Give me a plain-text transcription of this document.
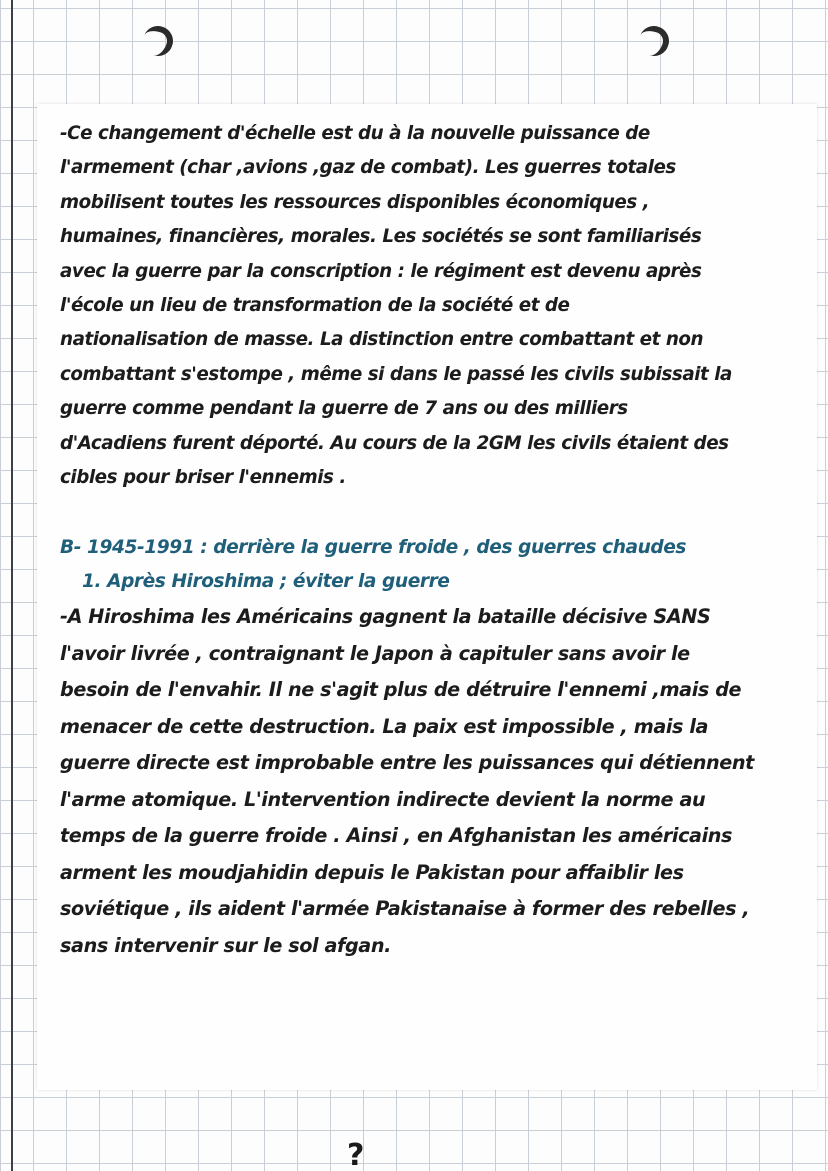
-Ce changement d'échelle est du à la nouvelle puissance de
l'armement (char ,avions ,gaz de combat). Les guerres totales
mobilisent toutes les ressources disponibles économiques ,
humaines, financières, morales. Les sociétés se sont familiarisés
avec la guerre par la conscription : le régiment est devenu après
l'école un lieu de transformation de la société et de
nationalisation de masse. La distinction entre combattant et non
combattant s'estompe , même si dans le passé les civils subissait la
guerre comme pendant la guerre de 7 ans ou des milliers
d'Acadiens furent déporté. Au cours de la 2GM les civils étaient des
cibles pour briser l'ennemis .
B- 1945-1991 : derrière la guerre froide , des guerres chaudes
1. Après Hiroshima ; éviter la guerre
-A Hiroshima les Américains gagnent la bataille décisive SANS
l'avoir livrée , contraignant le Japon à capituler sans avoir le
besoin de l'envahir. Il ne s'agit plus de détruire l'ennemi ,mais de
menacer de cette destruction. La paix est impossible , mais la
guerre directe est improbable entre les puissances qui détiennent
l'arme atomique. L'intervention indirecte devient la norme au
temps de la guerre froide . Ainsi , en Afghanistan les américains
arment les moudjahidin depuis le Pakistan pour affaiblir les
soviétique , ils aident l'armée Pakistanaise à former des rebelles ,
sans intervenir sur le sol afgan.
?
